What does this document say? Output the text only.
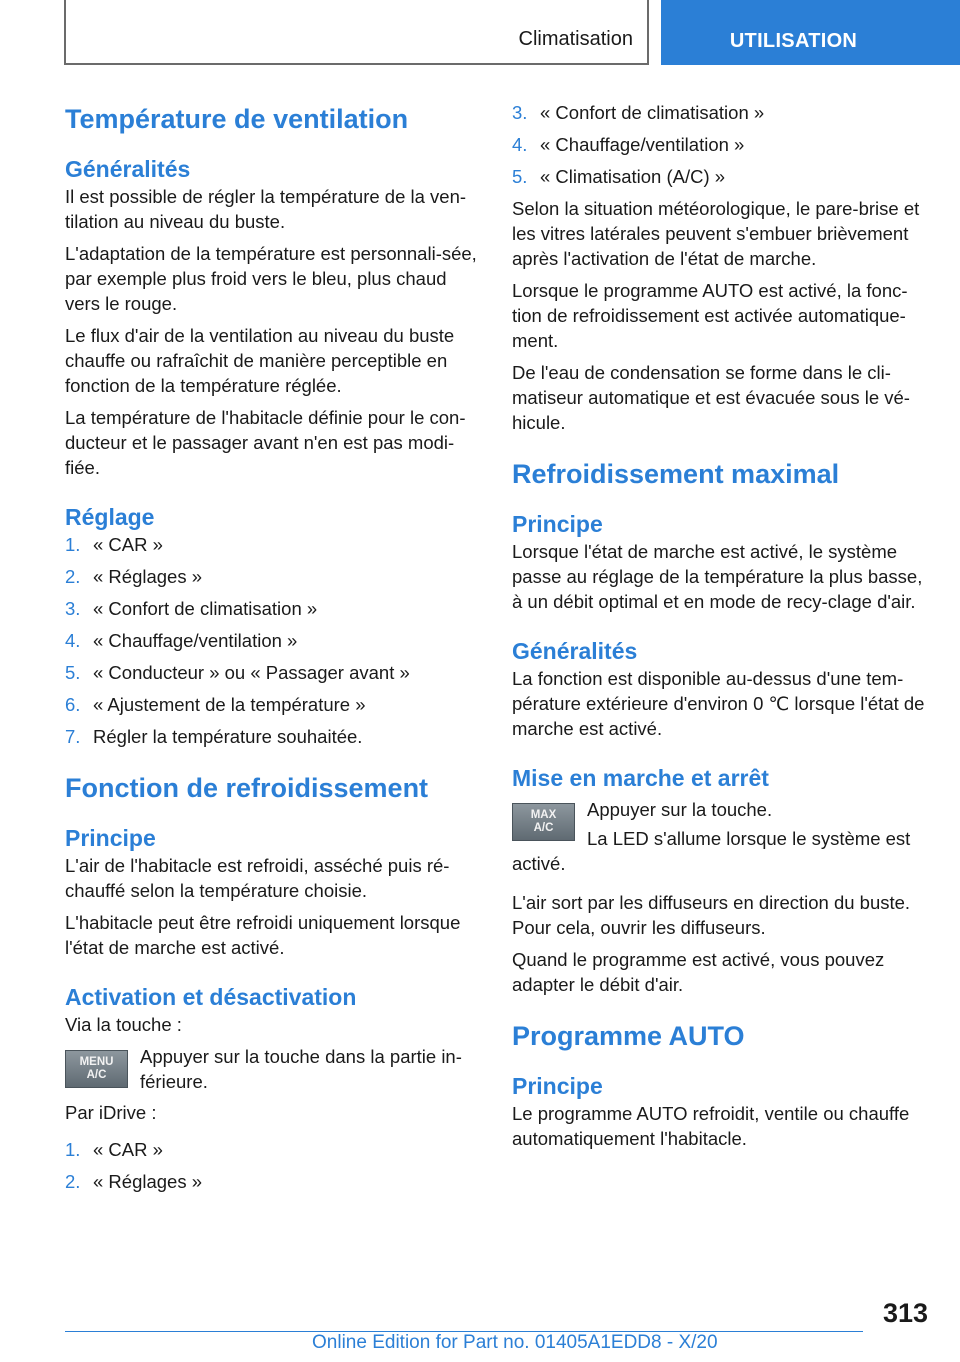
Climatisation	UTILISATION
Température de ventilation
Généralités

Il est possible de régler la température de la ven-tilation au niveau du buste.

L'adaptation de la température est personnali-sée, par exemple plus froid vers le bleu, plus chaud vers le rouge.

Le flux d'air de la ventilation au niveau du buste chauffe ou rafraîchit de manière perceptible en fonction de la température réglée.

La température de l'habitacle définie pour le con-ducteur et le passager avant n'en est pas modi-fiée.

Réglage
1. « CAR »
2. « Réglages »
3. « Confort de climatisation »
4. « Chauffage/ventilation »
5. « Conducteur » ou « Passager avant »
6. « Ajustement de la température »
7. Régler la température souhaitée.
Fonction de refroidissement
Principe

L'air de l'habitacle est refroidi, asséché puis ré-chauffé selon la température choisie.

L'habitacle peut être refroidi uniquement lorsque l'état de marche est activé.

Activation et désactivation

Via la touche :

MENU
A/C

Appuyer sur la touche dans la partie in-férieure.

Par iDrive :

1. « CAR »
2. « Réglages »
3. « Confort de climatisation »
4. « Chauffage/ventilation »
5. « Climatisation (A/C) »

Selon la situation météorologique, le pare-brise et les vitres latérales peuvent s'embuer brièvement après l'activation de l'état de marche.

Lorsque le programme AUTO est activé, la fonc-tion de refroidissement est activée automatique-ment.

De l'eau de condensation se forme dans le cli-matiseur automatique et est évacuée sous le vé-hicule.

Refroidissement maximal
Principe

Lorsque l'état de marche est activé, le système passe au réglage de la température la plus basse, à un débit optimal et en mode de recy-clage d'air.

Généralités

La fonction est disponible au-dessus d'une tem-pérature extérieure d'environ 0 ℃ lorsque l'état de marche est activé.

Mise en marche et arrêt
MAX
A/C

Appuyer sur la touche.

La LED s'allume lorsque le système est

activé.

L'air sort par les diffuseurs en direction du buste. Pour cela, ouvrir les diffuseurs.

Quand le programme est activé, vous pouvez adapter le débit d'air.

Programme AUTO
Principe

Le programme AUTO refroidit, ventile ou chauffe automatiquement l'habitacle.

313
Online Edition for Part no. 01405A1EDD8 - X/20
